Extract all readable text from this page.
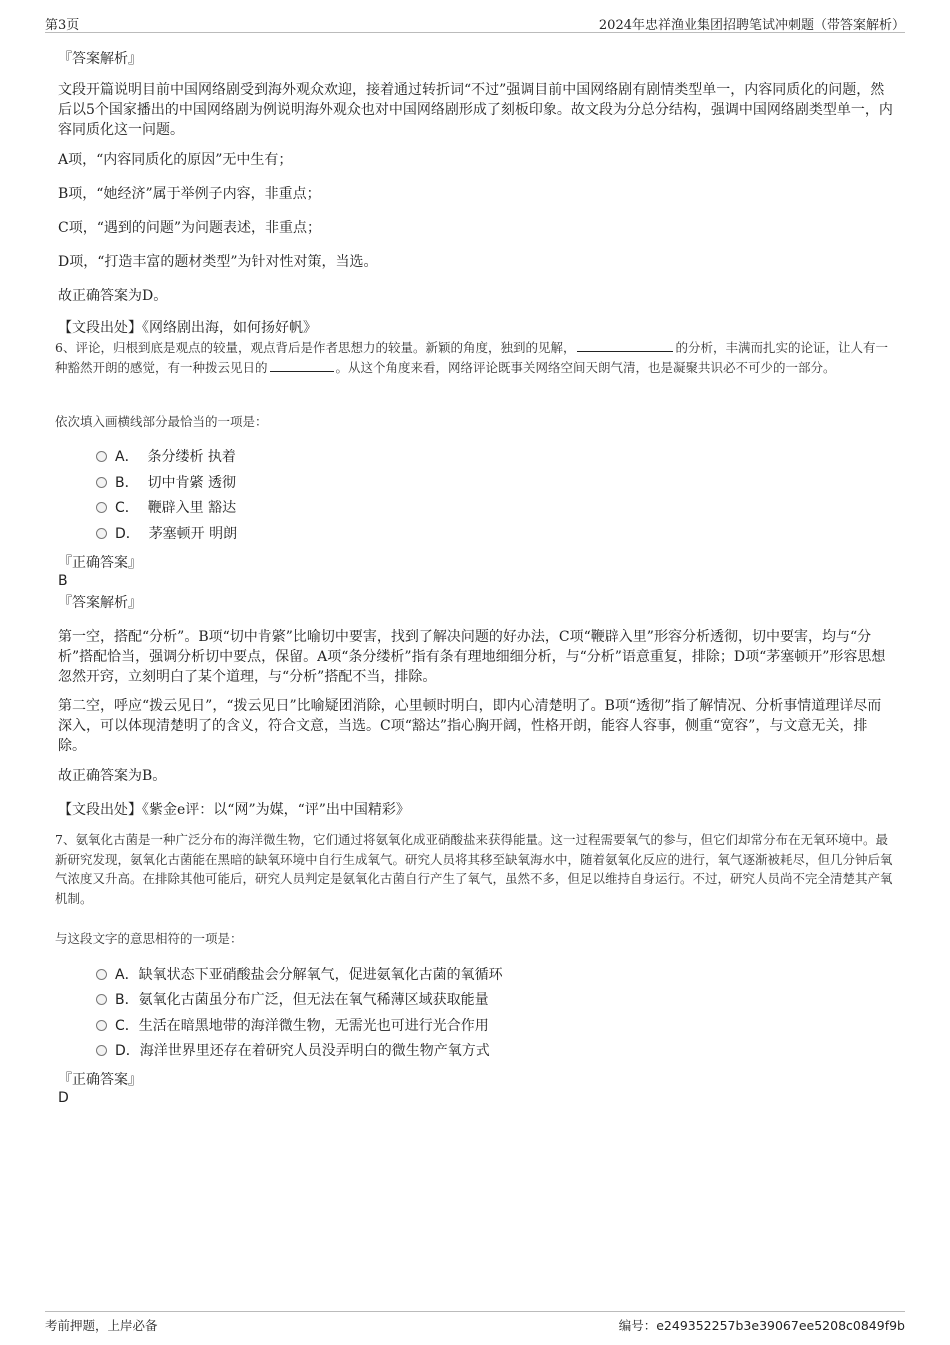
第3页	2024年忠祥渔业集团招聘笔试冲刺题（带答案解析）
『答案解析』
文段开篇说明目前中国网络剧受到海外观众欢迎，接着通过转折词“不过”强调目前中国网络剧有剧情类型单一，内容同质化的问题，然后以5个国家播出的中国网络剧为例说明海外观众也对中国网络剧形成了刻板印象。故文段为分总分结构，强调中国网络剧类型单一，内容同质化这一问题。
A项，“内容同质化的原因”无中生有；
B项，“她经济”属于举例子内容，非重点；
C项，“遇到的问题”为问题表述，非重点；
D项，“打造丰富的题材类型”为针对性对策，当选。
故正确答案为D。
【文段出处】《网络剧出海，如何扬好帆》
6、评论，归根到底是观点的较量，观点背后是作者思想力的较量。新颖的角度，独到的见解，	的分析，丰满而扎实的论证，让人有一种豁然开朗的感觉，有一种拨云见日的	。从这个角度来看，网络评论既事关网络空间天朗气清，也是凝聚共识必不可少的一部分。
依次填入画横线部分最恰当的一项是：
A． 条分缕析 执着
B． 切中肯綮 透彻
C． 鞭辟入里 豁达
D． 茅塞顿开 明朗
『正确答案』
B
『答案解析』
第一空，搭配“分析”。B项“切中肯綮”比喻切中要害，找到了解决问题的好办法，C项“鞭辟入里”形容分析透彻，切中要害，均与“分析”搭配恰当，强调分析切中要点，保留。A项“条分缕析”指有条有理地细细分析，与“分析”语意重复，排除；D项“茅塞顿开”形容思想忽然开窍，立刻明白了某个道理，与“分析”搭配不当，排除。
第二空，呼应“拨云见日”，“拨云见日”比喻疑团消除，心里顿时明白，即内心清楚明了。B项“透彻”指了解情况、分析事情道理详尽而深入，可以体现清楚明了的含义，符合文意，当选。C项“豁达”指心胸开阔，性格开朗，能容人容事，侧重“宽容”，与文意无关，排除。
故正确答案为B。
【文段出处】《紫金e评：以“网”为媒，“评”出中国精彩》
7、氨氧化古菌是一种广泛分布的海洋微生物，它们通过将氨氧化成亚硝酸盐来获得能量。这一过程需要氧气的参与，但它们却常分布在无氧环境中。最新研究发现，氨氧化古菌能在黑暗的缺氧环境中自行生成氧气。研究人员将其移至缺氧海水中，随着氨氧化反应的进行，氧气逐渐被耗尽，但几分钟后氧气浓度又升高。在排除其他可能后，研究人员判定是氨氧化古菌自行产生了氧气，虽然不多，但足以维持自身运行。不过，研究人员尚不完全清楚其产氧机制。
与这段文字的意思相符的一项是：
A．缺氧状态下亚硝酸盐会分解氧气，促进氨氧化古菌的氧循环
B．氨氧化古菌虽分布广泛，但无法在氧气稀薄区域获取能量
C．生活在暗黑地带的海洋微生物，无需光也可进行光合作用
D．海洋世界里还存在着研究人员没弄明白的微生物产氧方式
『正确答案』
D
考前押题，上岸必备	编号：e249352257b3e39067ee5208c0849f9b
